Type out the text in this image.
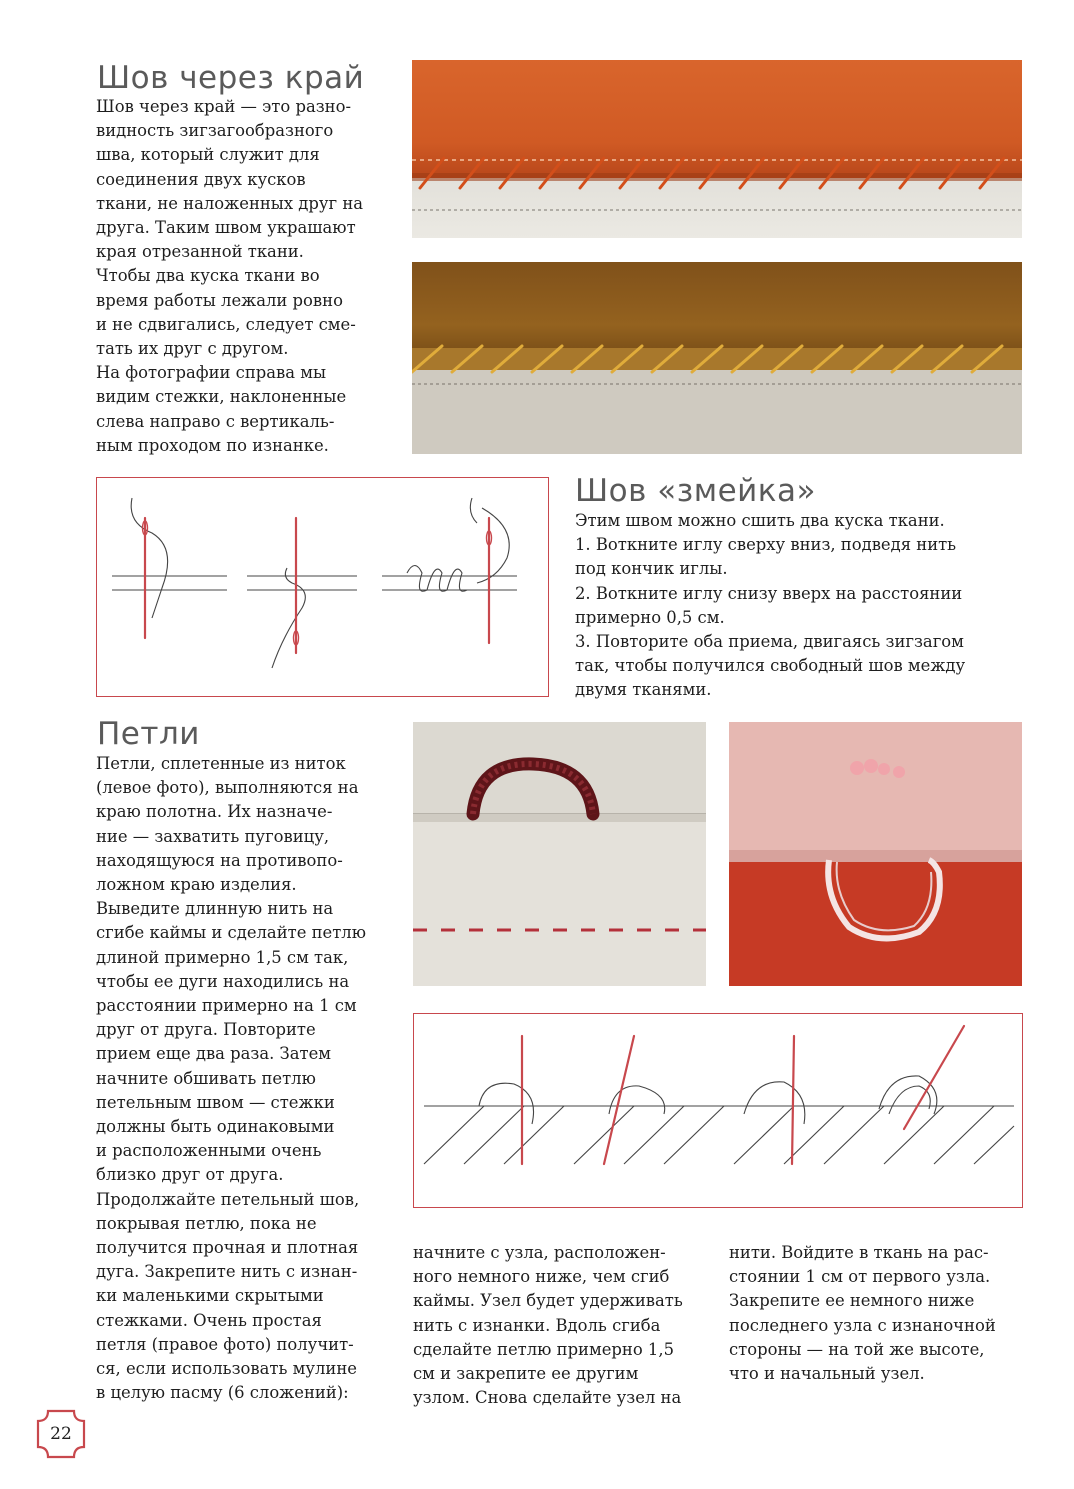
Шов через край
Шов через край — это разно-
видность зигзагообразного
шва, который служит для
соединения двух кусков
ткани, не наложенных друг на
друга. Таким швом украшают
края отрезанной ткани.
Чтобы два куска ткани во
время работы лежали ровно
и не сдвигались, следует сме-
тать их друг с другом.
На фотографии справа мы
видим стежки, наклоненные
слева направо с вертикаль-
ным проходом по изнанке.
Шов «змейка»
Этим швом можно сшить два куска ткани.
1. Воткните иглу сверху вниз, подведя нить
под кончик иглы.
2. Воткните иглу снизу вверх на расстоянии
примерно 0,5 см.
3. Повторите оба приема, двигаясь зигзагом
так, чтобы получился свободный шов между
двумя тканями.
Петли
Петли, сплетенные из ниток
(левое фото), выполняются на
краю полотна. Их назначе-
ние — захватить пуговицу,
находящуюся на противопо-
ложном краю изделия.
Выведите длинную нить на
сгибе каймы и сделайте петлю
длиной примерно 1,5 см так,
чтобы ее дуги находились на
расстоянии примерно на 1 см
друг от друга. Повторите
прием еще два раза. Затем
начните обшивать петлю
петельным швом — стежки
должны быть одинаковыми
и расположенными очень
близко друг от друга.
Продолжайте петельный шов,
покрывая петлю, пока не
получится прочная и плотная
дуга. Закрепите нить с изнан-
ки маленькими скрытыми
стежками. Очень простая
петля (правое фото) получит-
ся, если использовать мулине
в целую пасму (6 сложений):
начните с узла, расположен-
ного немного ниже, чем сгиб
каймы. Узел будет удерживать
нить с изнанки. Вдоль сгиба
сделайте петлю примерно 1,5
см и закрепите ее другим
узлом. Снова сделайте узел на
нити. Войдите в ткань на рас-
стоянии 1 см от первого узла.
Закрепите ее немного ниже
последнего узла с изнаночной
стороны — на той же высоте,
что и начальный узел.
22
